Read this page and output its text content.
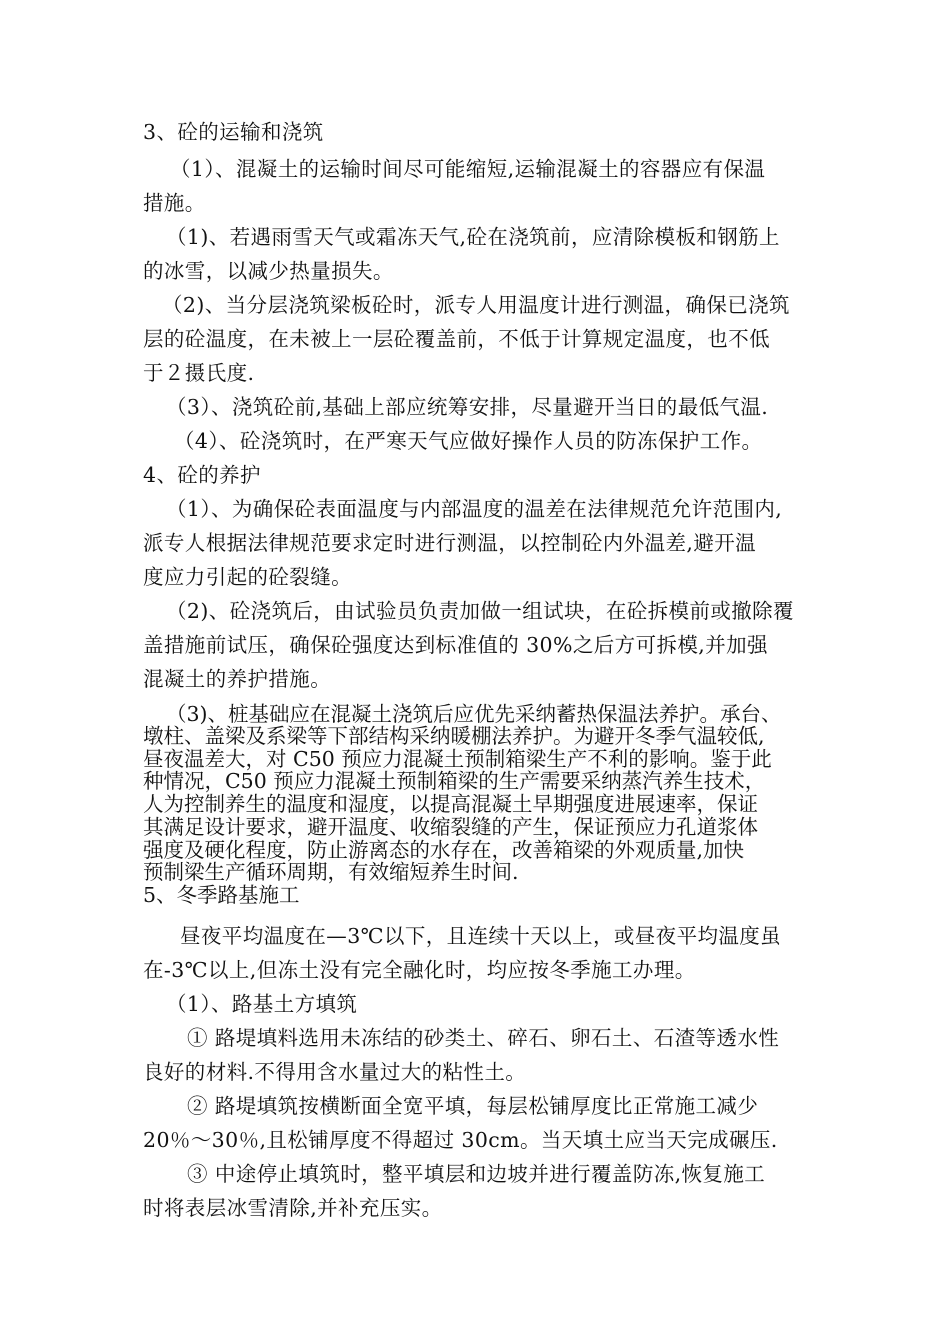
3、砼的运输和浇筑
（1）、混凝土的运输时间尽可能缩短,运输混凝土的容器应有保温
措施。
（1)、若遇雨雪天气或霜冻天气,砼在浇筑前，应清除模板和钢筋上
的冰雪，以减少热量损失。
（2)、当分层浇筑梁板砼时，派专人用温度计进行测温，确保已浇筑
层的砼温度，在未被上一层砼覆盖前，不低于计算规定温度，也不低
于２摄氏度.
（3）、浇筑砼前,基础上部应统筹安排，尽量避开当日的最低气温.
（4）、砼浇筑时，在严寒天气应做好操作人员的防冻保护工作。
4、砼的养护
（1）、为确保砼表面温度与内部温度的温差在法律规范允许范围内,
派专人根据法律规范要求定时进行测温，以控制砼内外温差,避开温
度应力引起的砼裂缝。
（2)、砼浇筑后，由试验员负责加做一组试块，在砼拆模前或撤除覆
盖措施前试压，确保砼强度达到标准值的 30%之后方可拆模,并加强
混凝土的养护措施。
（3)、桩基础应在混凝土浇筑后应优先采纳蓄热保温法养护。承台、
墩柱、盖梁及系梁等下部结构采纳暖棚法养护。为避开冬季气温较低,
昼夜温差大，对 C50 预应力混凝土预制箱梁生产不利的影响。鉴于此
种情况，C50 预应力混凝土预制箱梁的生产需要采纳蒸汽养生技术，
人为控制养生的温度和湿度，以提高混凝土早期强度进展速率，保证
其满足设计要求，避开温度、收缩裂缝的产生，保证预应力孔道浆体
强度及硬化程度，防止游离态的水存在，改善箱梁的外观质量,加快
预制梁生产循环周期，有效缩短养生时间.
5、冬季路基施工
昼夜平均温度在—3℃以下，且连续十天以上，或昼夜平均温度虽
在-3℃以上,但冻土没有完全融化时，均应按冬季施工办理。
（1）、路基土方填筑
① 路堤填料选用未冻结的砂类土、碎石、卵石土、石渣等透水性
良好的材料.不得用含水量过大的粘性土。
② 路堤填筑按横断面全宽平填，每层松铺厚度比正常施工减少
20％～30％,且松铺厚度不得超过 30cm。当天填土应当天完成碾压.
③ 中途停止填筑时，整平填层和边坡并进行覆盖防冻,恢复施工
时将表层冰雪清除,并补充压实。
